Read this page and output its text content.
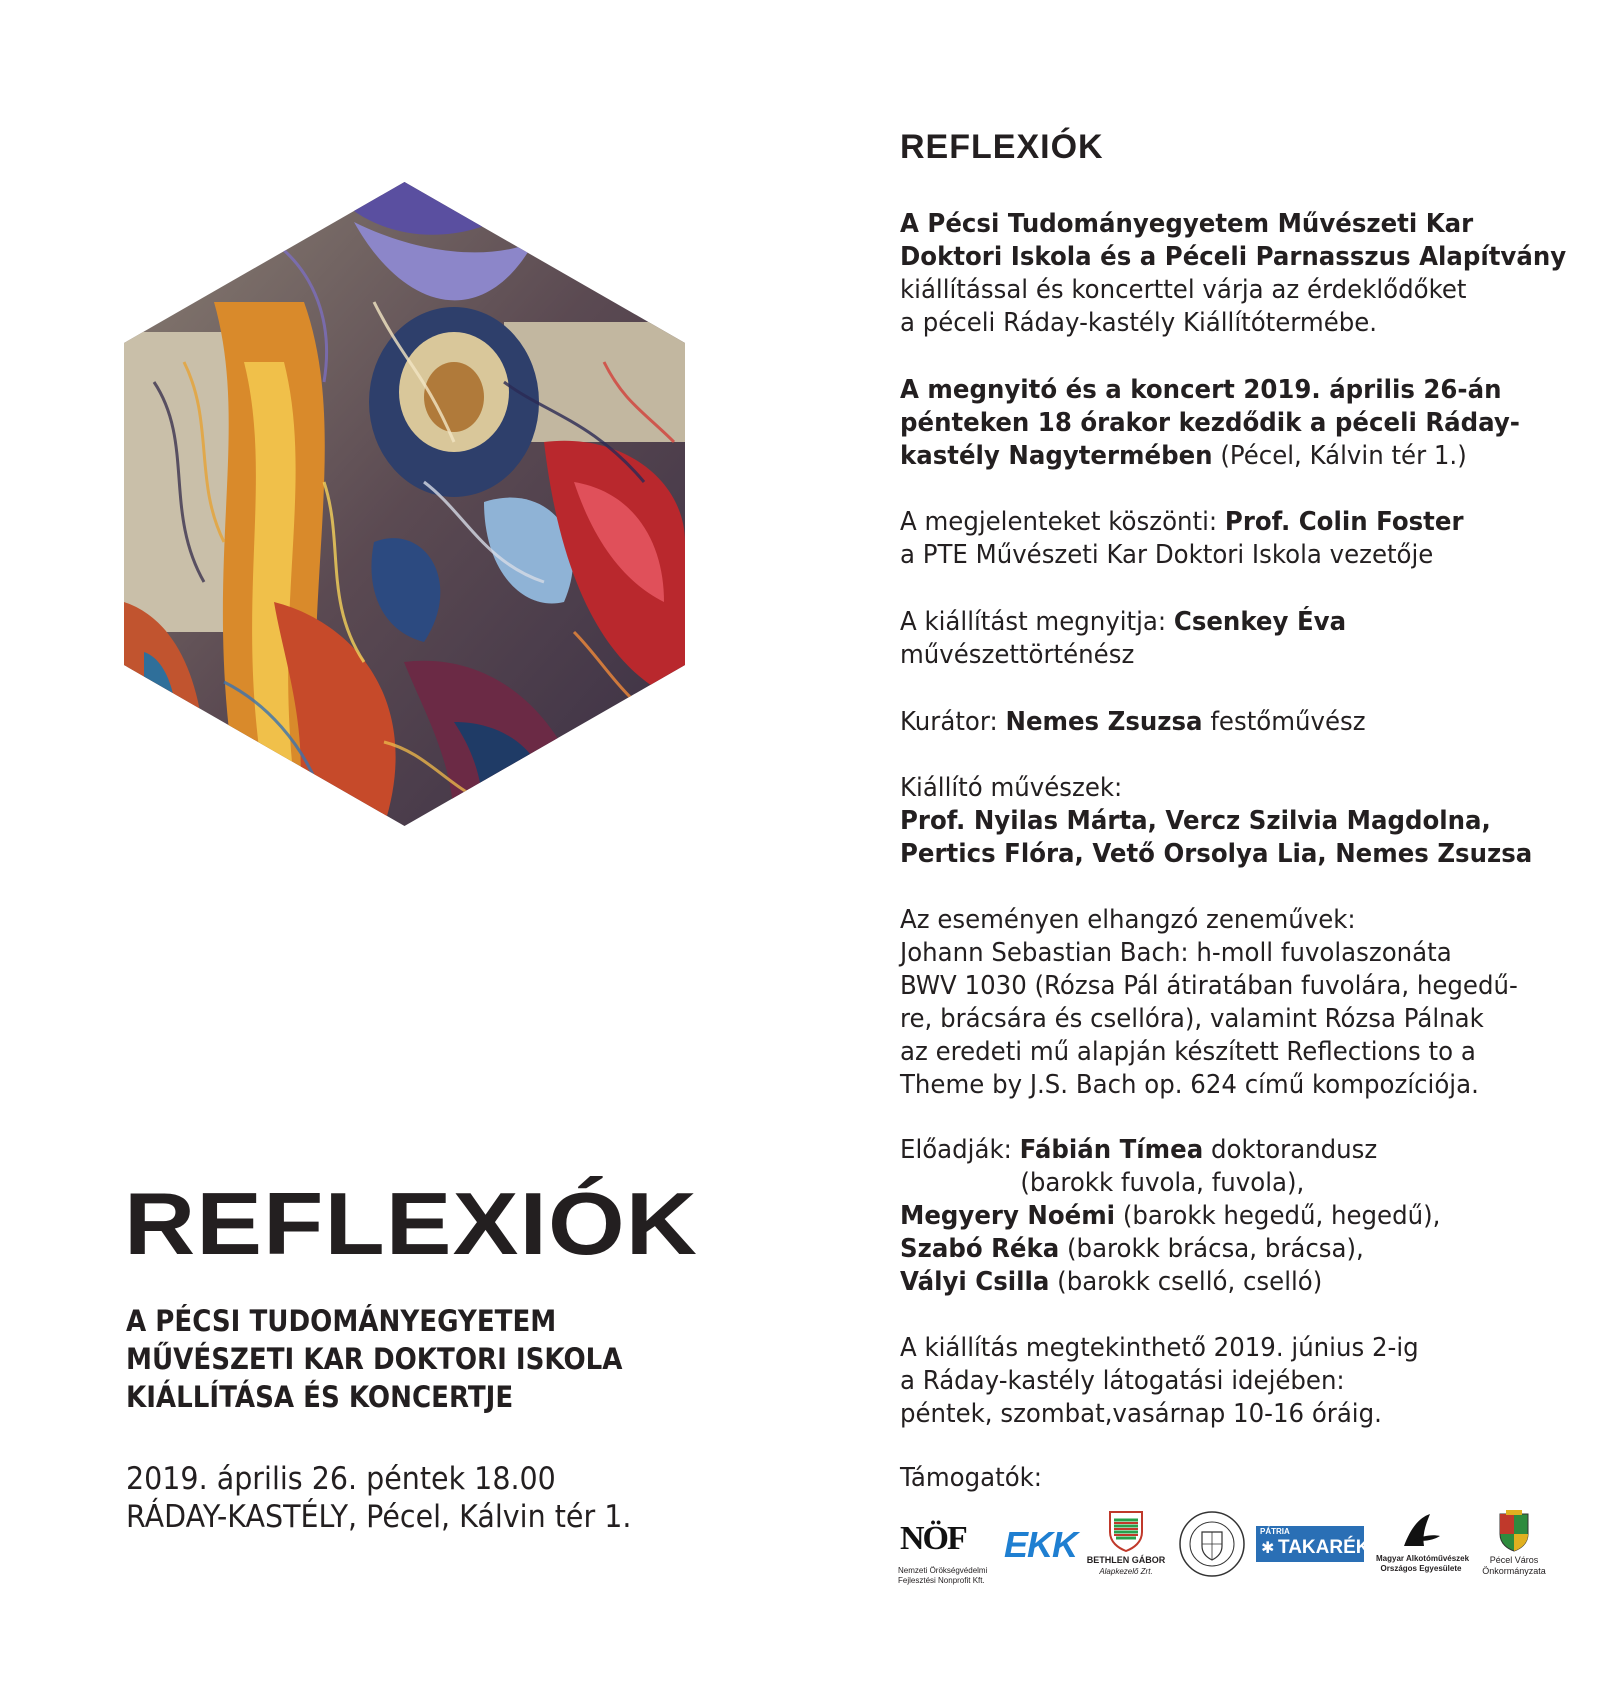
REFLEXIÓK
A PÉCSI TUDOMÁNYEGYETEM
MŰVÉSZETI KAR DOKTORI ISKOLA
KIÁLLÍTÁSA ÉS KONCERTJE
2019. április 26. péntek 18.00
RÁDAY-KASTÉLY, Pécel, Kálvin tér 1.
REFLEXIÓK
A Pécsi Tudományegyetem Művészeti Kar
Doktori Iskola és a Péceli Parnasszus Alapítvány
kiállítással és koncerttel várja az érdeklődőket
a péceli Ráday-kastély Kiállítótermébe.
A megnyitó és a koncert 2019. április 26-án
pénteken 18 órakor kezdődik a péceli Ráday-
kastély Nagytermében (Pécel, Kálvin tér 1.)
A megjelenteket köszönti: Prof. Colin Foster
a PTE Művészeti Kar Doktori Iskola vezetője
A kiállítást megnyitja: Csenkey Éva
művészettörténész
Kurátor: Nemes Zsuzsa festőművész
Kiállító művészek:
Prof. Nyilas Márta, Vercz Szilvia Magdolna,
Pertics Flóra, Vető Orsolya Lia, Nemes Zsuzsa
Az eseményen elhangzó zeneművek:
Johann Sebastian Bach: h-moll fuvolaszonáta
BWV 1030 (Rózsa Pál átiratában fuvolára, hegedű-
re, brácsára és csellóra), valamint Rózsa Pálnak
az eredeti mű alapján készített Reflections to a
Theme by J.S. Bach op. 624 című kompozíciója.
Előadják: Fábián Tímea doktorandusz
(barokk fuvola, fuvola),
Megyery Noémi (barokk hegedű, hegedű),
Szabó Réka (barokk brácsa, brácsa),
Vályi Csilla (barokk cselló, cselló)
A kiállítás megtekinthető 2019. június 2-ig
a Ráday-kastély látogatási idejében:
péntek, szombat,vasárnap 10-16 óráig.
Támogatók:
NÖF
Nemzeti Örökségvédelmi
Fejlesztési Nonprofit Kft.
EKK BETHLEN GÁBOR
Alapkezelő Zrt.
PÁTRIA
TAKARÉK
✱
Magyar Alkotóművészek
Országos Egyesülete
Pécel Város
Önkormányzata
